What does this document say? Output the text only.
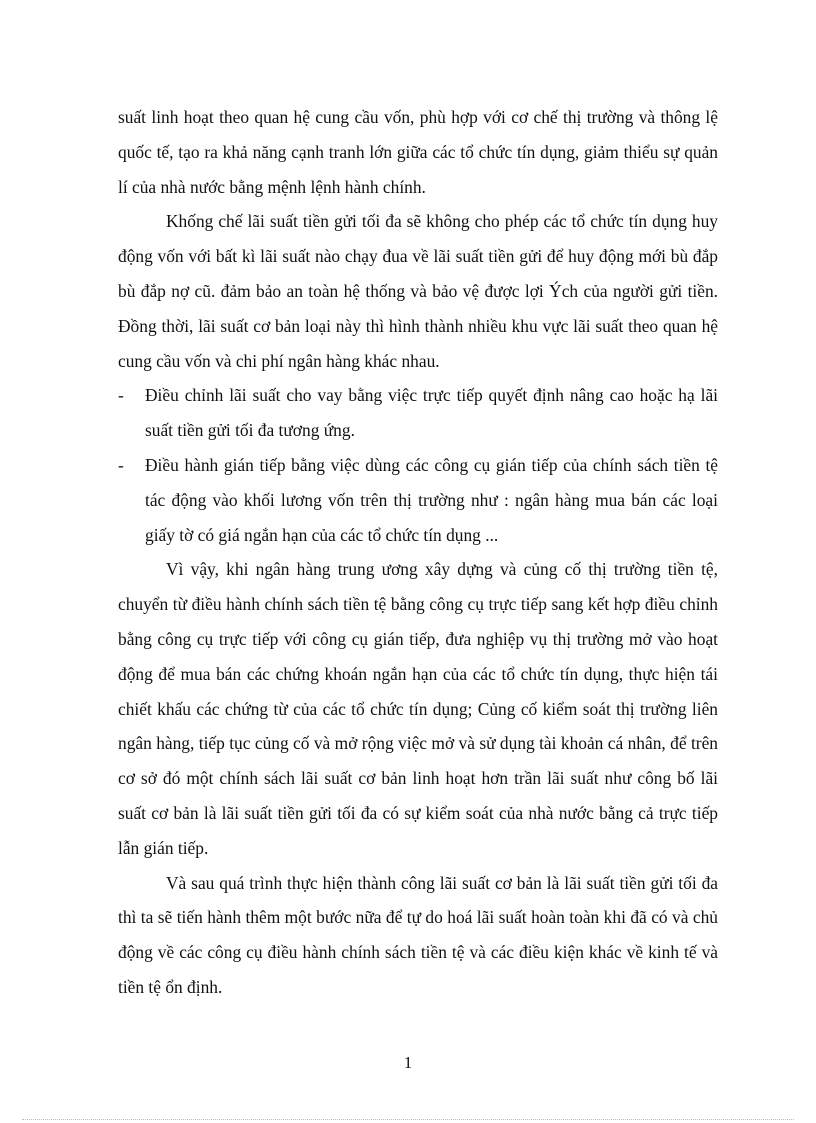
suất linh hoạt theo quan hệ cung cầu vốn, phù hợp với cơ chế thị trường và thông lệ quốc tế, tạo ra khả năng cạnh tranh lớn giữa các tổ chức tín dụng, giảm thiểu sự quản lí của nhà nước bằng mệnh lệnh hành chính.

Khống chế lãi suất tiền gửi tối đa sẽ không cho phép các tổ chức tín dụng huy động vốn với bất kì lãi suất nào chạy đua về lãi suất tiền gửi để huy động mới bù đắp bù đắp nợ cũ. đảm bảo an toàn hệ thống và bảo vệ được lợi Ých của người gửi tiền. Đồng thời, lãi suất cơ bản loại này thì hình thành nhiều khu vực lãi suất theo quan hệ cung cầu vốn và chi phí ngân hàng khác nhau.

- Điều chỉnh lãi suất cho vay bằng việc trực tiếp quyết định nâng cao hoặc hạ lãi suất tiền gửi tối đa tương ứng.

- Điều hành gián tiếp bằng việc dùng các công cụ gián tiếp của chính sách tiền tệ tác động vào khối lương vốn trên thị trường như : ngân hàng mua bán các loại giấy tờ có giá ngắn hạn của các tổ chức tín dụng ...

Vì vậy, khi ngân hàng trung ương xây dựng và củng cố thị trường tiền tệ, chuyển từ điều hành chính sách tiền tệ bằng công cụ trực tiếp sang kết hợp điều chỉnh bằng công cụ trực tiếp với công cụ gián tiếp, đưa nghiệp vụ thị trường mở vào hoạt động để mua bán các chứng khoán ngắn hạn của các tổ chức tín dụng, thực hiện tái chiết khấu các chứng từ của các tổ chức tín dụng; Củng cố kiểm soát thị trường liên ngân hàng, tiếp tục củng cố và mở rộng việc mở và sử dụng tài khoản cá nhân, để trên cơ sở đó một chính sách lãi suất cơ bản linh hoạt hơn trần lãi suất như công bố lãi suất cơ bản là lãi suất tiền gửi tối đa có sự kiểm soát của nhà nước bằng cả trực tiếp lẫn gián tiếp.

Và sau quá trình thực hiện thành công lãi suất cơ bản là lãi suất tiền gửi tối đa thì ta sẽ tiến hành thêm một bước nữa để tự do hoá lãi suất hoàn toàn khi đã có và chủ động về các công cụ điều hành chính sách tiền tệ và các điều kiện khác về kinh tế và tiền tệ ổn định.

1
